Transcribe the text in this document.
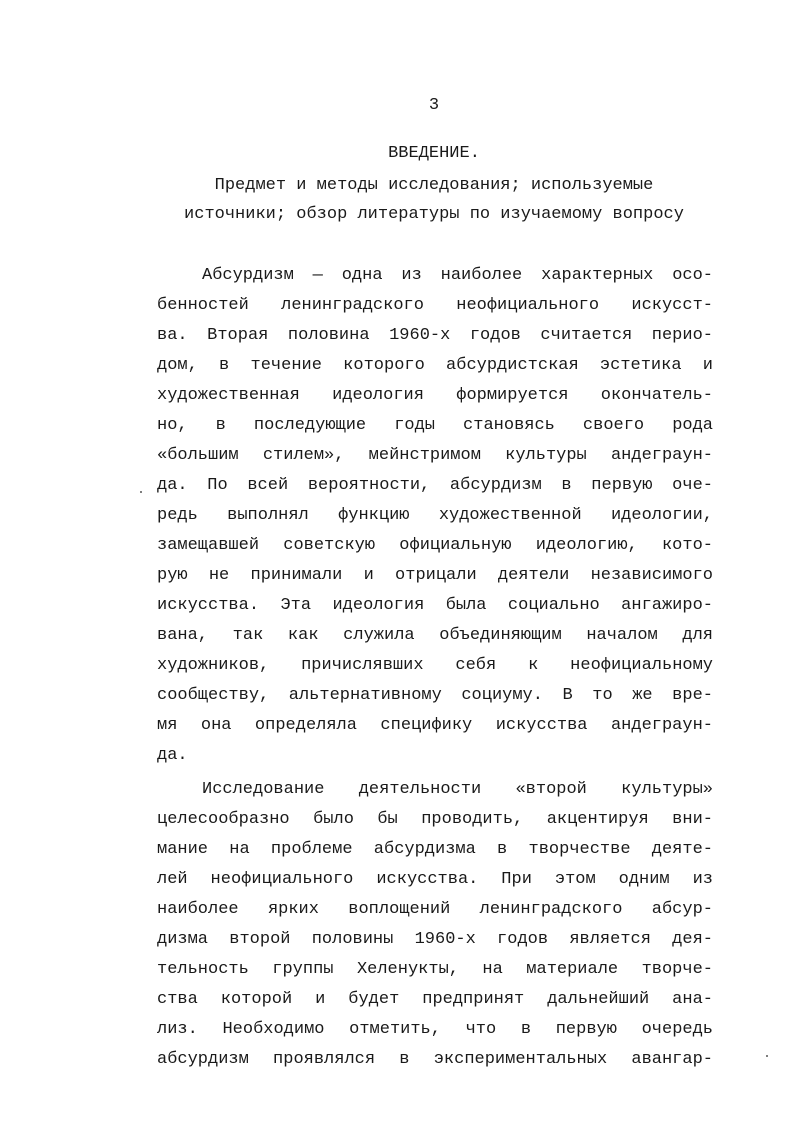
3
ВВЕДЕНИЕ.
Предмет и методы исследования; используемые
источники; обзор литературы по изучаемому вопросу
Абсурдизм — одна из наиболее характерных осо-
бенностей ленинградского неофициального искусст-
ва. Вторая половина 1960-х годов считается перио-
дом, в течение которого абсурдистская эстетика и
художественная идеология формируется окончатель-
но, в последующие годы становясь своего рода
«большим стилем», мейнстримом культуры андеграун-
да. По всей вероятности, абсурдизм в первую оче-
редь выполнял функцию художественной идеологии,
замещавшей советскую официальную идеологию, кото-
рую не принимали и отрицали деятели независимого
искусства. Эта идеология была социально ангажиро-
вана, так как служила объединяющим началом для
художников, причислявших себя к неофициальному
сообществу, альтернативному социуму. В то же вре-
мя она определяла специфику искусства андеграун-
да.
Исследование деятельности «второй культуры»
целесообразно было бы проводить, акцентируя вни-
мание на проблеме абсурдизма в творчестве деяте-
лей неофициального искусства. При этом одним из
наиболее ярких воплощений ленинградского абсур-
дизма второй половины 1960-х годов является дея-
тельность группы Хеленукты, на материале творче-
ства которой и будет предпринят дальнейший ана-
лиз. Необходимо отметить, что в первую очередь
абсурдизм проявлялся в экспериментальных авангар-
